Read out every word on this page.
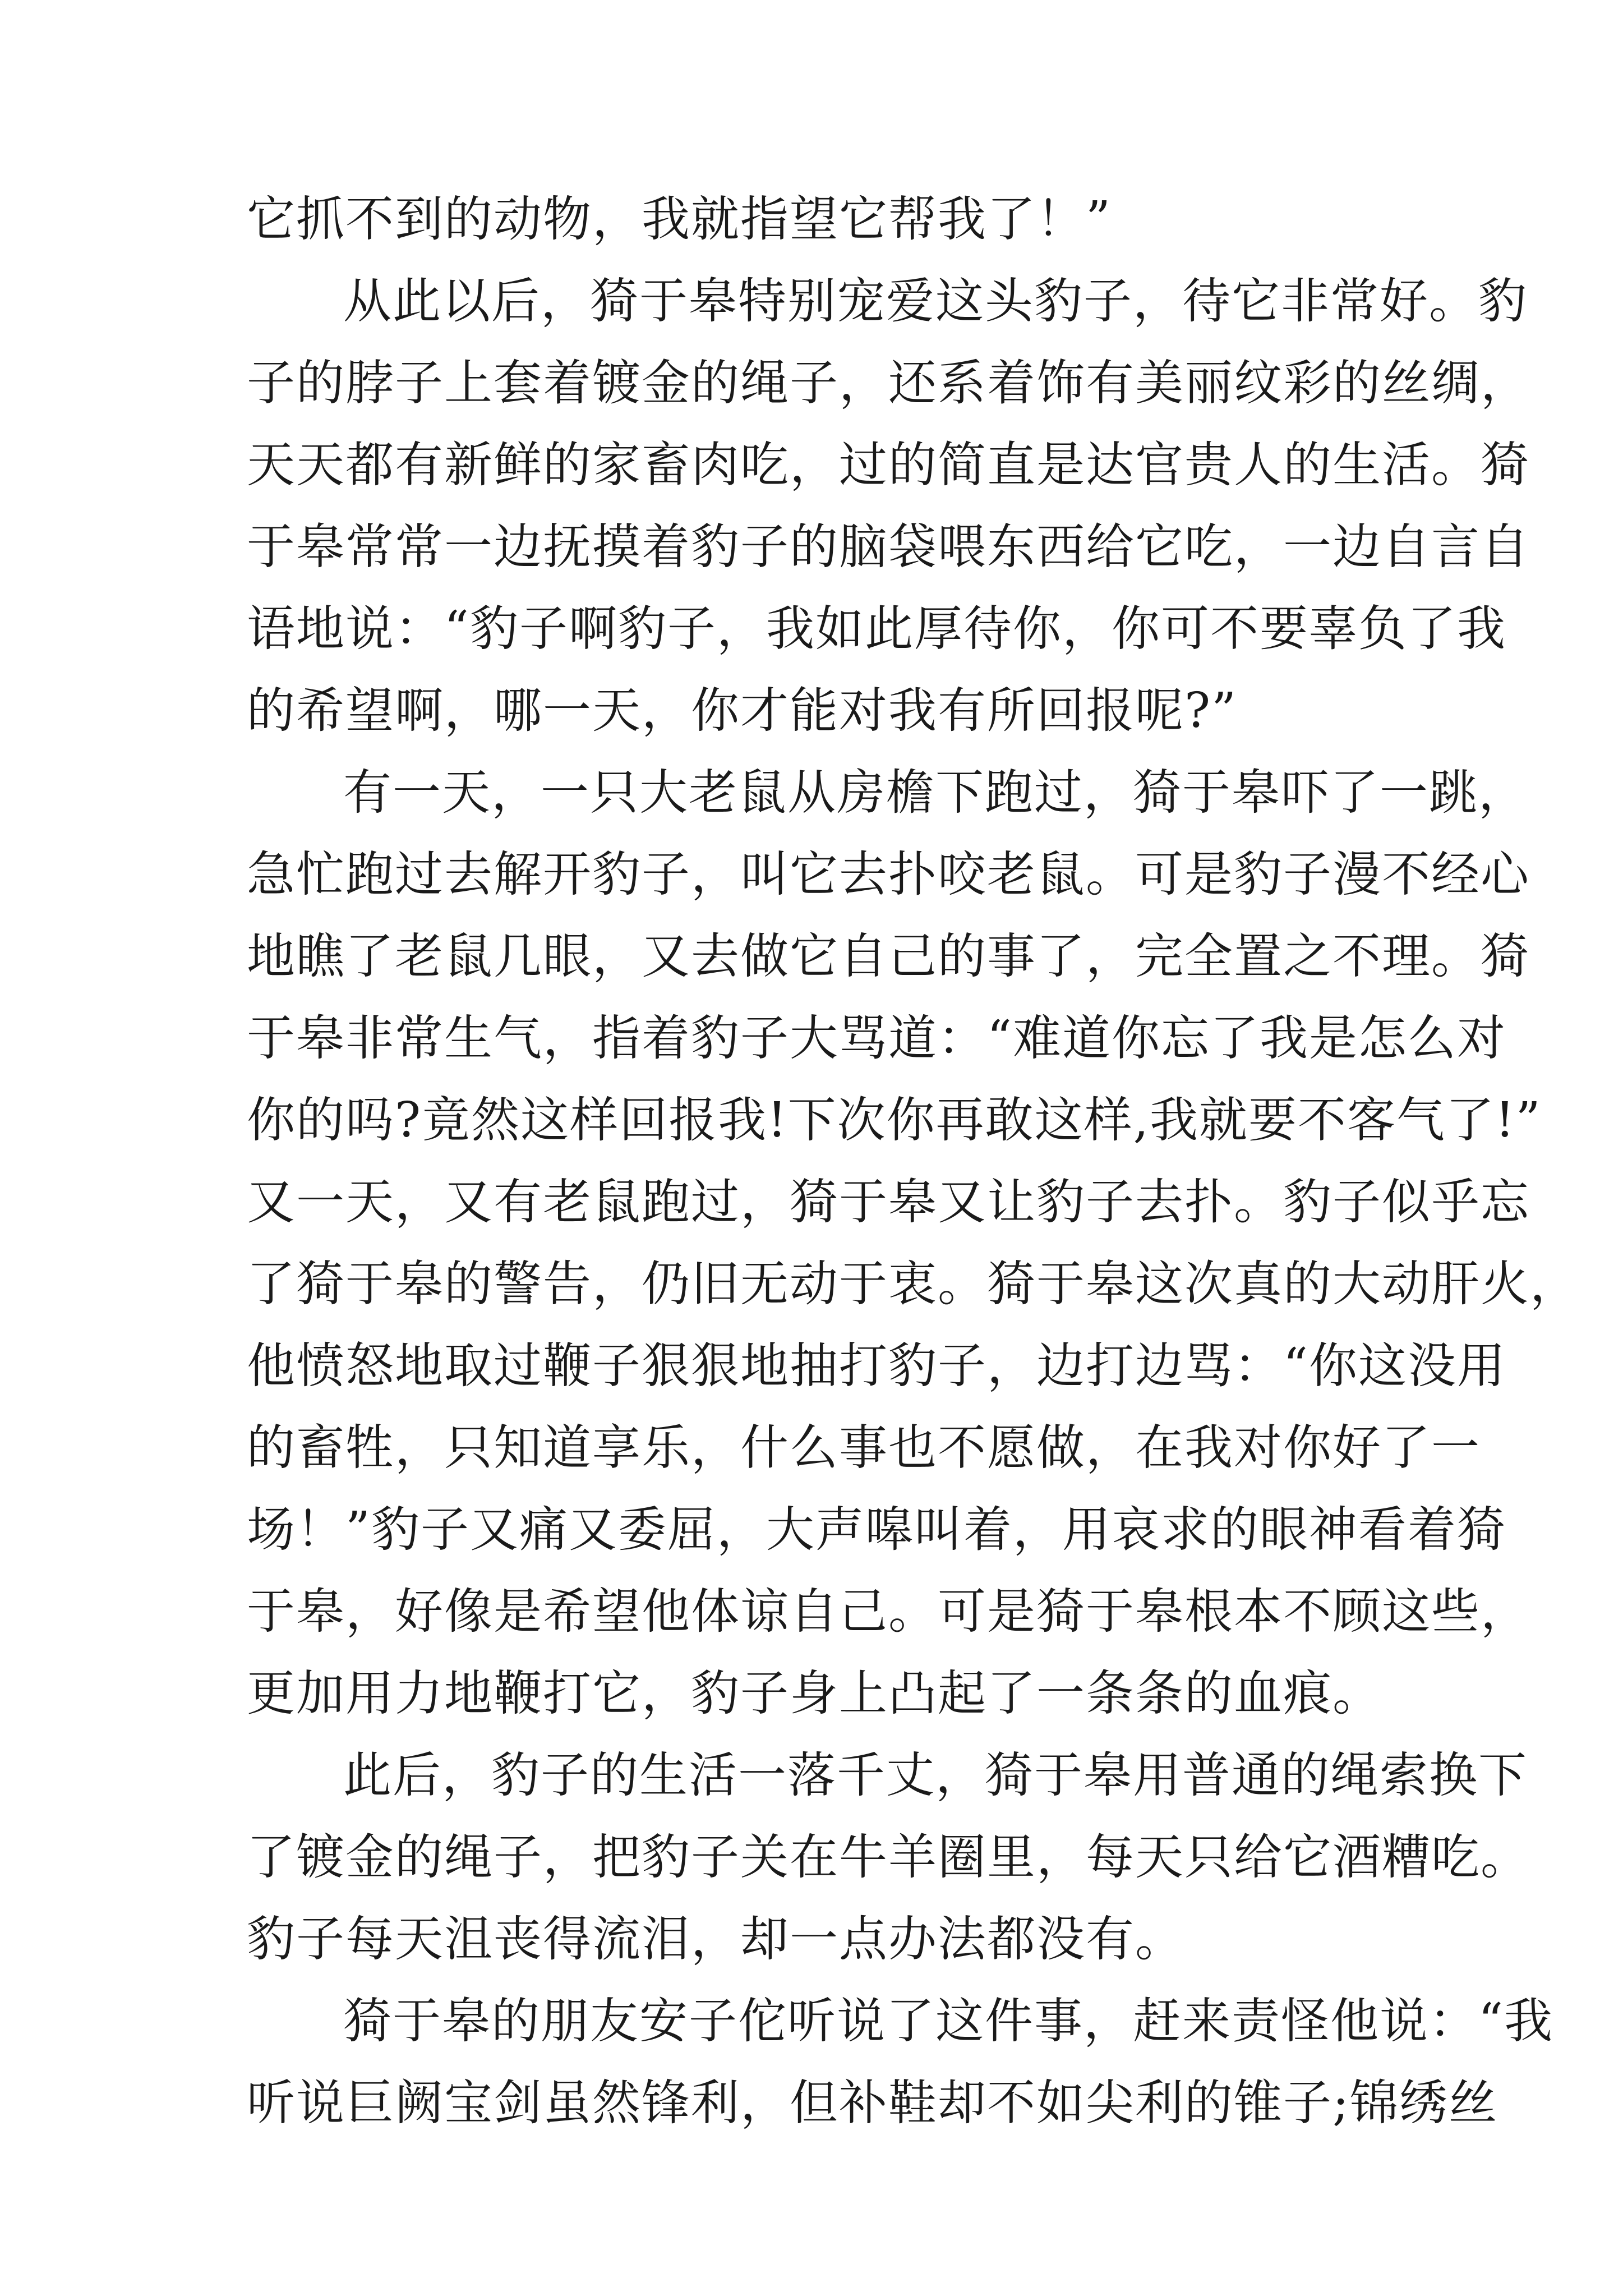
它抓不到的动物，我就指望它帮我了！”
从此以后，猗于皋特别宠爱这头豹子，待它非常好。豹
子的脖子上套着镀金的绳子，还系着饰有美丽纹彩的丝绸，
天天都有新鲜的家畜肉吃，过的简直是达官贵人的生活。猗
于皋常常一边抚摸着豹子的脑袋喂东西给它吃，一边自言自
语地说：“豹子啊豹子，我如此厚待你，你可不要辜负了我
的希望啊，哪一天，你才能对我有所回报呢?”
有一天，一只大老鼠从房檐下跑过，猗于皋吓了一跳，
急忙跑过去解开豹子，叫它去扑咬老鼠。可是豹子漫不经心
地瞧了老鼠几眼，又去做它自己的事了，完全置之不理。猗
于皋非常生气，指着豹子大骂道：“难道你忘了我是怎么对
你的吗?竟然这样回报我!下次你再敢这样,我就要不客气了!”
又一天，又有老鼠跑过，猗于皋又让豹子去扑。豹子似乎忘
了猗于皋的警告，仍旧无动于衷。猗于皋这次真的大动肝火，
他愤怒地取过鞭子狠狠地抽打豹子，边打边骂：“你这没用
的畜牲，只知道享乐，什么事也不愿做，在我对你好了一
场！”豹子又痛又委屈，大声嗥叫着，用哀求的眼神看着猗
于皋，好像是希望他体谅自己。可是猗于皋根本不顾这些，
更加用力地鞭打它，豹子身上凸起了一条条的血痕。
此后，豹子的生活一落千丈，猗于皋用普通的绳索换下
了镀金的绳子，把豹子关在牛羊圈里，每天只给它酒糟吃。
豹子每天沮丧得流泪，却一点办法都没有。
猗于皋的朋友安子佗听说了这件事，赶来责怪他说：“我
听说巨阙宝剑虽然锋利，但补鞋却不如尖利的锥子;锦绣丝
